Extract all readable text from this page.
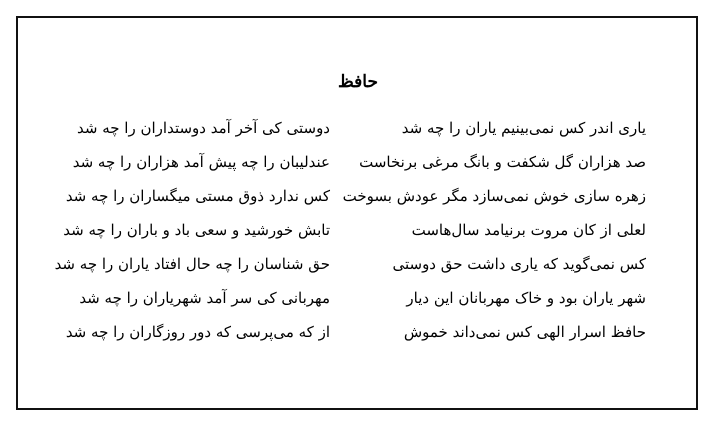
حافظ
یاری اندر کس نمی‌بینیم یاران را چه شد
دوستی کی آخر آمد دوستداران را چه شد
صد هزاران گل شکفت و بانگ مرغی برنخاست
عندلیبان را چه پیش آمد هزاران را چه شد
زهره سازی خوش نمی‌سازد مگر عودش بسوخت
کس ندارد ذوق مستی میگساران را چه شد
لعلی از کان مروت برنیامد سال‌هاست
تابش خورشید و سعی باد و باران را چه شد
کس نمی‌گوید که یاری داشت حق دوستی
حق شناسان را چه حال افتاد یاران را چه شد
شهر یاران بود و خاک مهربانان این دیار
مهربانی کی سر آمد شهریاران را چه شد
حافظ اسرار الهی کس نمی‌داند خموش
از که می‌پرسی که دور روزگاران را چه شد
